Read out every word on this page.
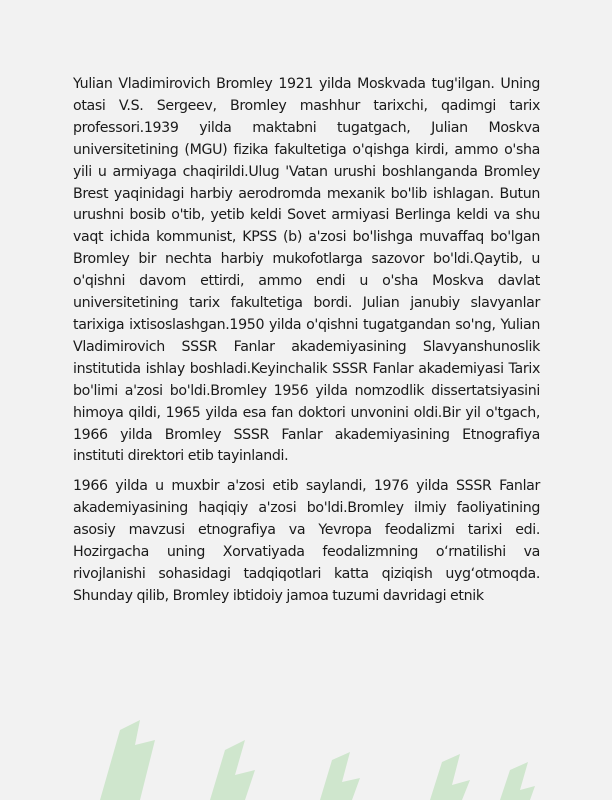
Yulian Vladimirovich Bromley 1921 yilda Moskvada tug'ilgan. Uning otasi V.S. Sergeev, Bromley mashhur tarixchi, qadimgi tarix professori.1939 yilda maktabni tugatgach, Julian Moskva universitetining (MGU) fizika fakultetiga o'qishga kirdi, ammo o'sha yili u armiyaga chaqirildi.Ulug 'Vatan urushi boshlanganda Bromley Brest yaqinidagi harbiy aerodromda mexanik bo'lib ishlagan. Butun urushni bosib o'tib, yetib keldi Sovet armiyasi Berlinga keldi va shu vaqt ichida kommunist, KPSS (b) a'zosi bo'lishga muvaffaq bo'lgan Bromley bir nechta harbiy mukofotlarga sazovor bo'ldi.Qaytib, u o'qishni davom ettirdi, ammo endi u o'sha Moskva davlat universitetining tarix fakultetiga bordi. Julian janubiy slavyanlar tarixiga ixtisoslashgan.1950 yilda o'qishni tugatgandan so'ng, Yulian Vladimirovich SSSR Fanlar akademiyasining Slavyanshunoslik institutida ishlay boshladi.Keyinchalik SSSR Fanlar akademiyasi Tarix bo'limi a'zosi bo'ldi.Bromley 1956 yilda nomzodlik dissertatsiyasini himoya qildi, 1965 yilda esa fan doktori unvonini oldi.Bir yil o'tgach, 1966 yilda Bromley SSSR Fanlar akademiyasining Etnografiya instituti direktori etib tayinlandi.

1966 yilda u muxbir a'zosi etib saylandi, 1976 yilda SSSR Fanlar akademiyasining haqiqiy a'zosi bo'ldi.Bromley ilmiy faoliyatining asosiy mavzusi etnografiya va Yevropa feodalizmi tarixi edi. Hozirgacha uning Xorvatiyada feodalizmning o‘rnatilishi va rivojlanishi sohasidagi tadqiqotlari katta qiziqish uyg‘otmoqda. Shunday qilib, Bromley ibtidoiy jamoa tuzumi davridagi etnik
